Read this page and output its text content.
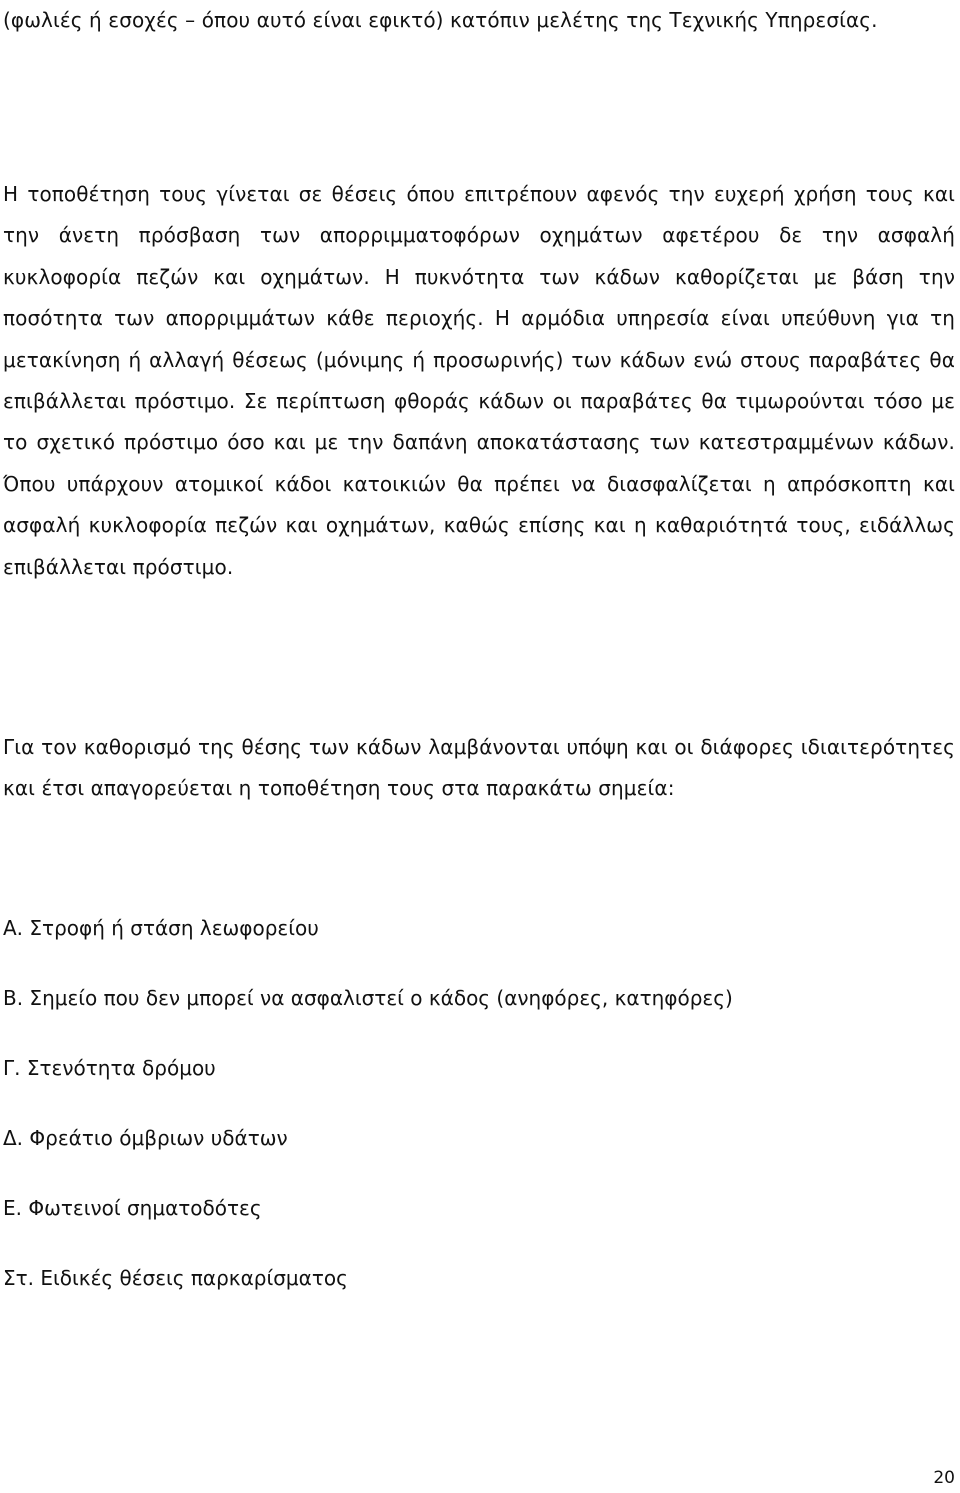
(φωλιές ή εσοχές – όπου αυτό είναι εφικτό) κατόπιν μελέτης της Τεχνικής Υπηρεσίας.

Η τοποθέτηση τους γίνεται σε θέσεις όπου επιτρέπουν αφενός την ευχερή χρήση τους και την άνετη πρόσβαση των απορριμματοφόρων οχημάτων αφετέρου δε την ασφαλή κυκλοφορία πεζών και οχημάτων. Η πυκνότητα των κάδων καθορίζεται με βάση την ποσότητα των απορριμμάτων κάθε περιοχής. Η αρμόδια υπηρεσία είναι υπεύθυνη για τη μετακίνηση ή αλλαγή θέσεως (μόνιμης ή προσωρινής) των κάδων ενώ στους παραβάτες θα επιβάλλεται πρόστιμο. Σε περίπτωση φθοράς κάδων οι παραβάτες θα τιμωρούνται τόσο με το σχετικό πρόστιμο όσο και με την δαπάνη αποκατάστασης των κατεστραμμένων κάδων. Όπου υπάρχουν ατομικοί κάδοι κατοικιών θα πρέπει να διασφαλίζεται η απρόσκοπτη και ασφαλή κυκλοφορία πεζών και οχημάτων, καθώς επίσης και η καθαριότητά τους, ειδάλλως επιβάλλεται πρόστιμο.

Για τον καθορισμό της θέσης των κάδων λαμβάνονται υπόψη και οι διάφορες ιδιαιτερότητες και έτσι απαγορεύεται η τοποθέτηση τους στα παρακάτω σημεία:

Α. Στροφή ή στάση λεωφορείου

Β. Σημείο που δεν μπορεί να ασφαλιστεί ο κάδος (ανηφόρες, κατηφόρες)

Γ. Στενότητα δρόμου

Δ. Φρεάτιο όμβριων υδάτων

Ε. Φωτεινοί σηματοδότες

Στ. Ειδικές θέσεις παρκαρίσματος

20
